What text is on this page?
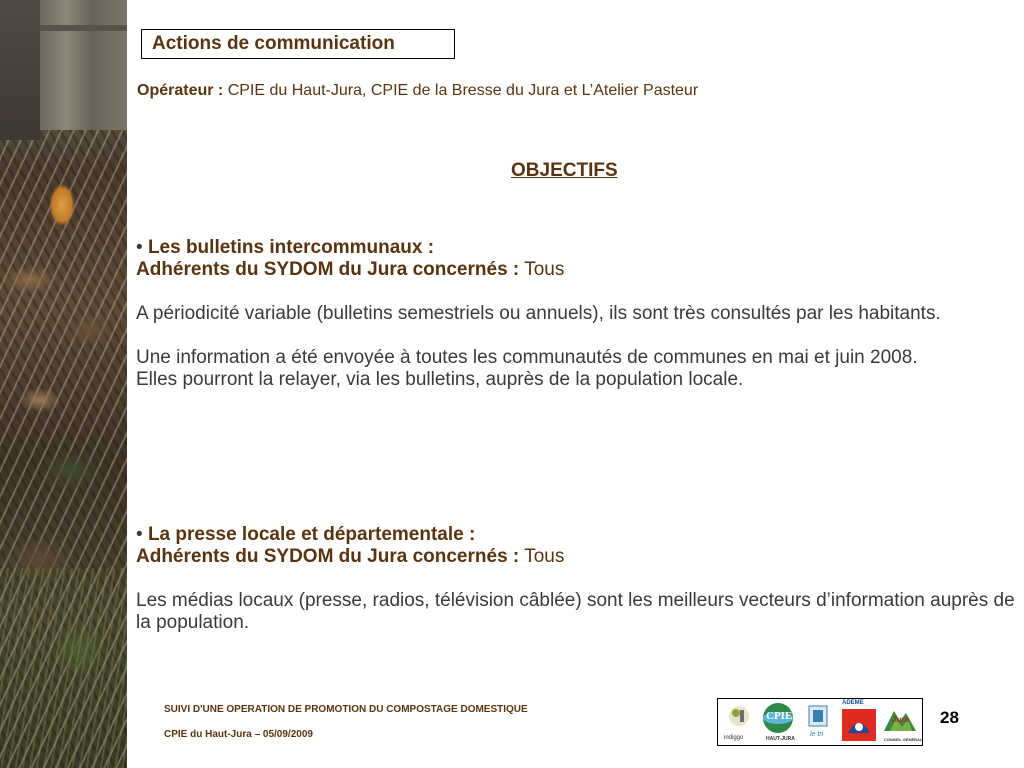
Actions de communication
Opérateur : CPIE du Haut-Jura, CPIE de la Bresse du Jura et L’Atelier Pasteur
OBJECTIFS

• Les bulletins intercommunaux :

Adhérents du SYDOM du Jura concernés : Tous

A périodicité variable (bulletins semestriels ou annuels), ils sont très consultés par les habitants.

Une information a été envoyée à toutes les communautés de communes en mai et juin 2008.

Elles pourront la relayer, via les bulletins, auprès de la population locale.

• La presse locale et départementale :

Adhérents du SYDOM du Jura concernés : Tous

Les médias locaux (presse, radios, télévision câblée) sont les meilleurs vecteurs d’information auprès de la population.

SUIVI D'UNE OPERATION DE PROMOTION DU COMPOSTAGE DOMESTIQUE
CPIE du Haut-Jura – 05/09/2009	indiggo
CPIE
HAUT-JURA
le tri
ADEME
Jura
CONSEIL GÉNÉRAL
28
